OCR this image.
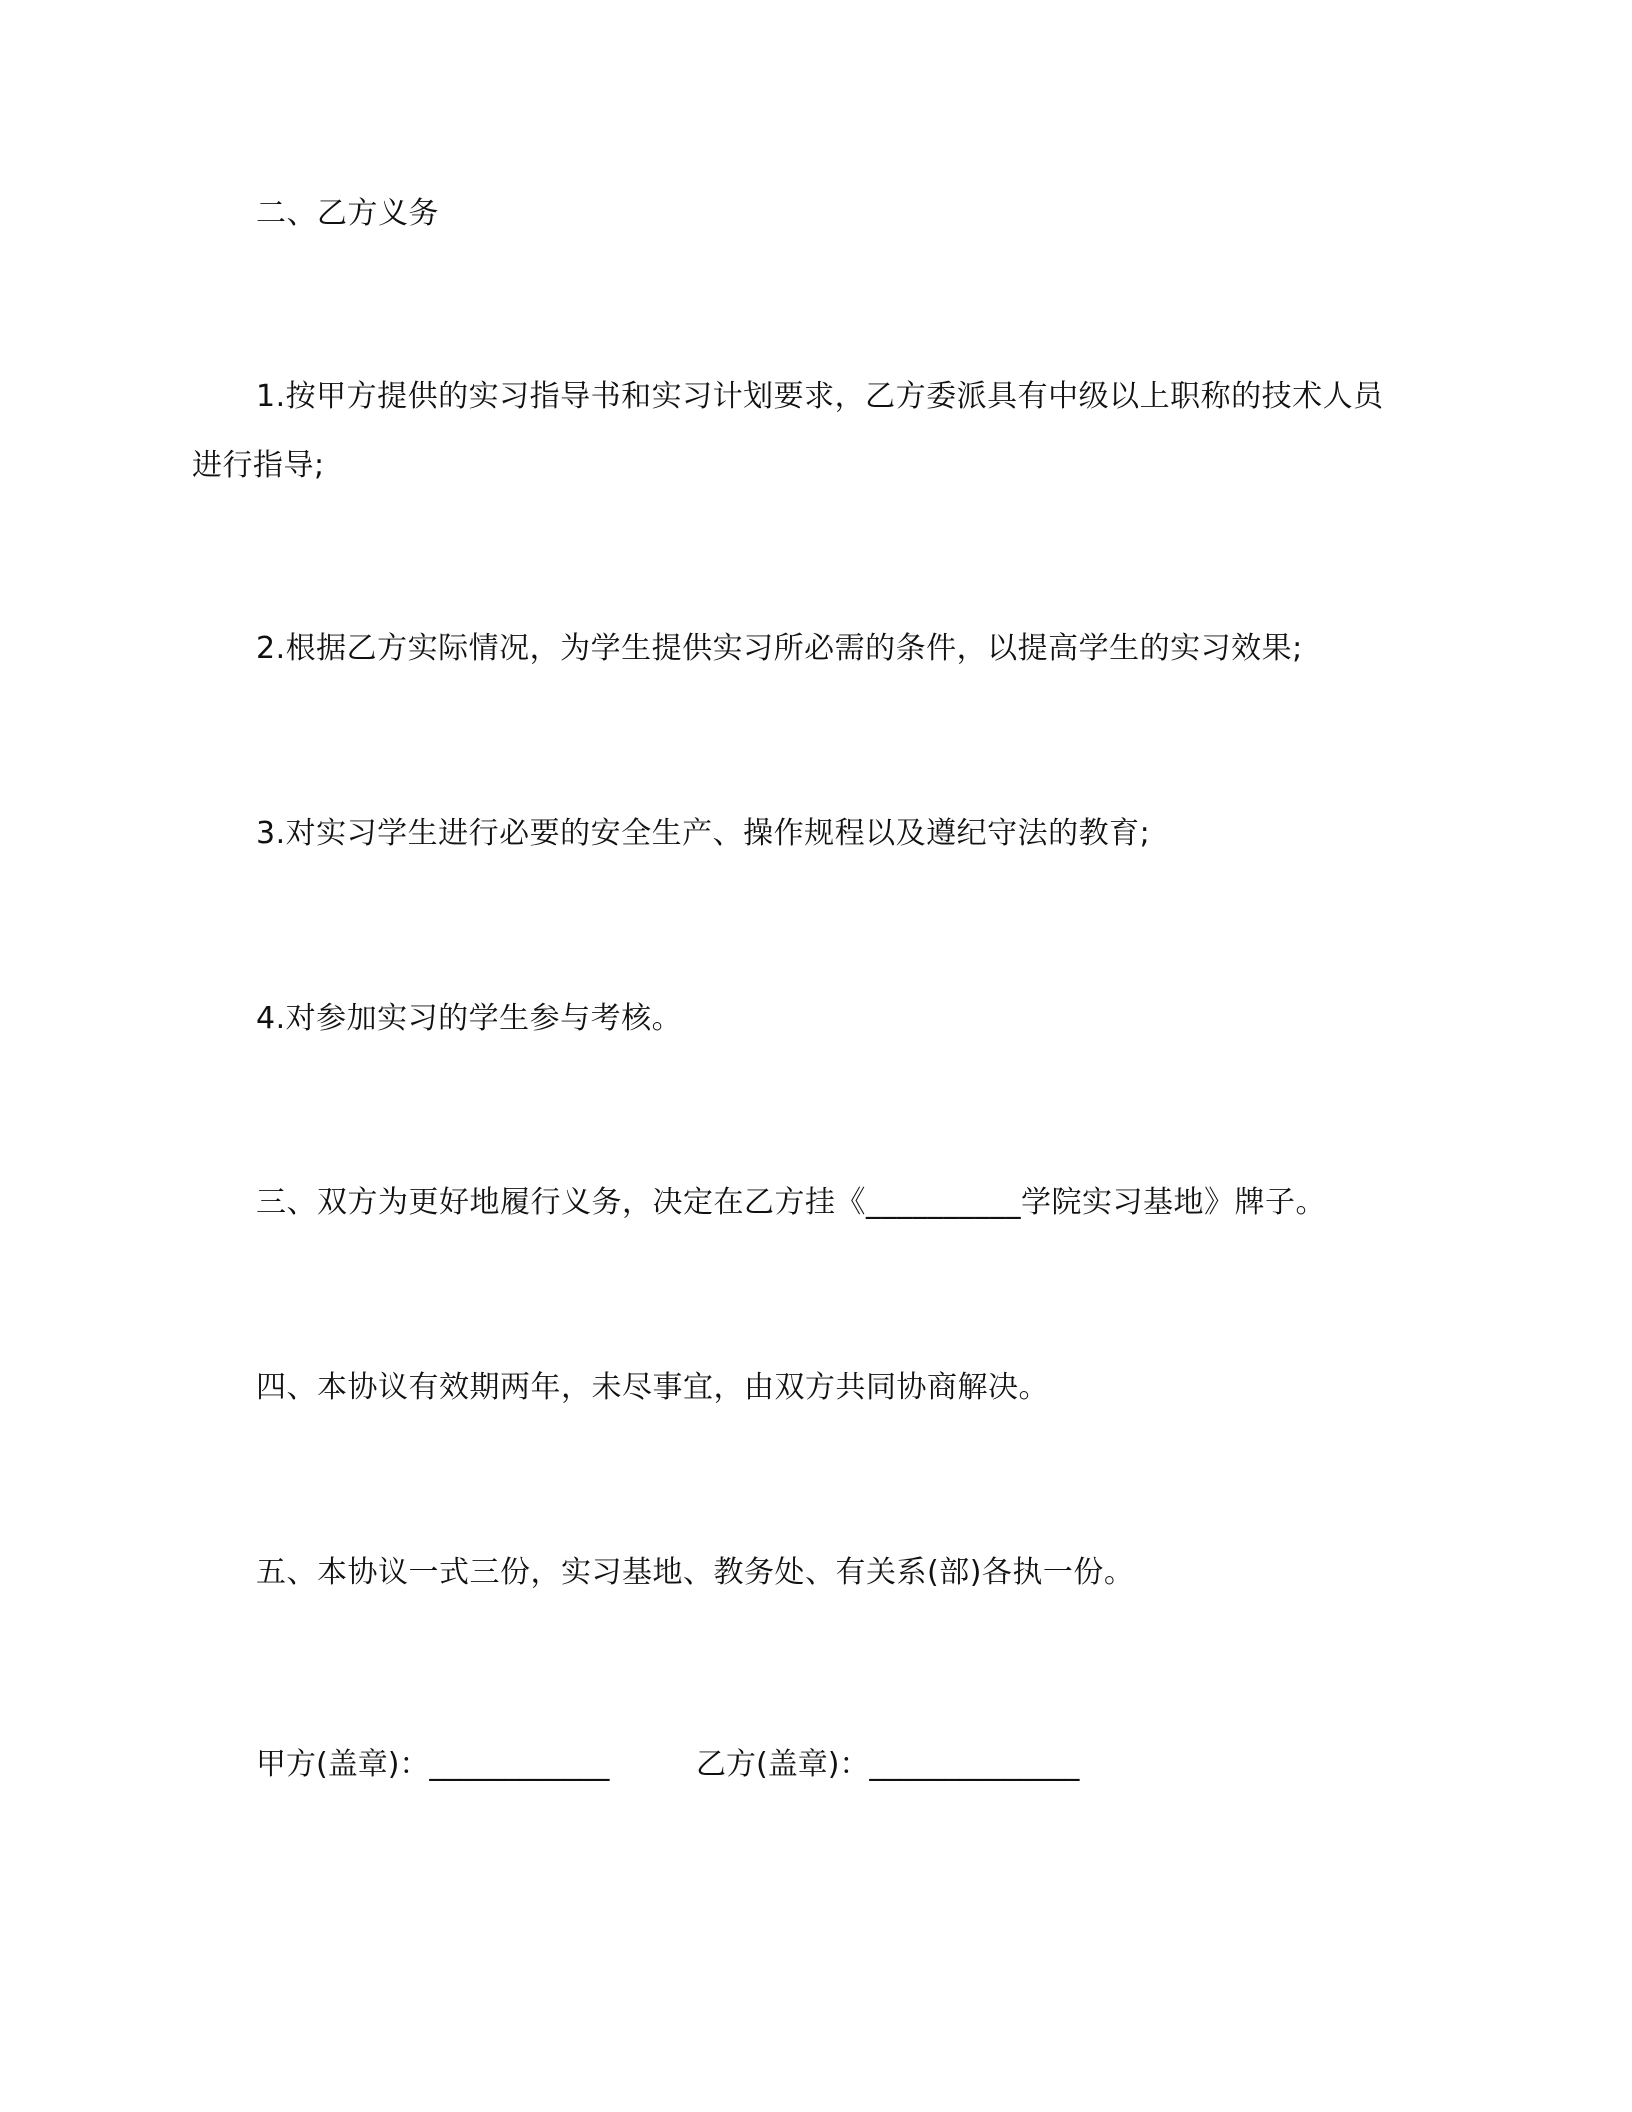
二、乙方义务
1.按甲方提供的实习指导书和实习计划要求，乙方委派具有中级以上职称的技术人员
进行指导;
2.根据乙方实际情况，为学生提供实习所必需的条件，以提高学生的实习效果;
3.对实习学生进行必要的安全生产、操作规程以及遵纪守法的教育;
4.对参加实习的学生参与考核。
三、双方为更好地履行义务，决定在乙方挂《__________学院实习基地》牌子。
四、本协议有效期两年，未尽事宜，由双方共同协商解决。
五、本协议一式三份，实习基地、教务处、有关系(部)各执一份。
甲方(盖章)：____________	乙方(盖章)：______________
